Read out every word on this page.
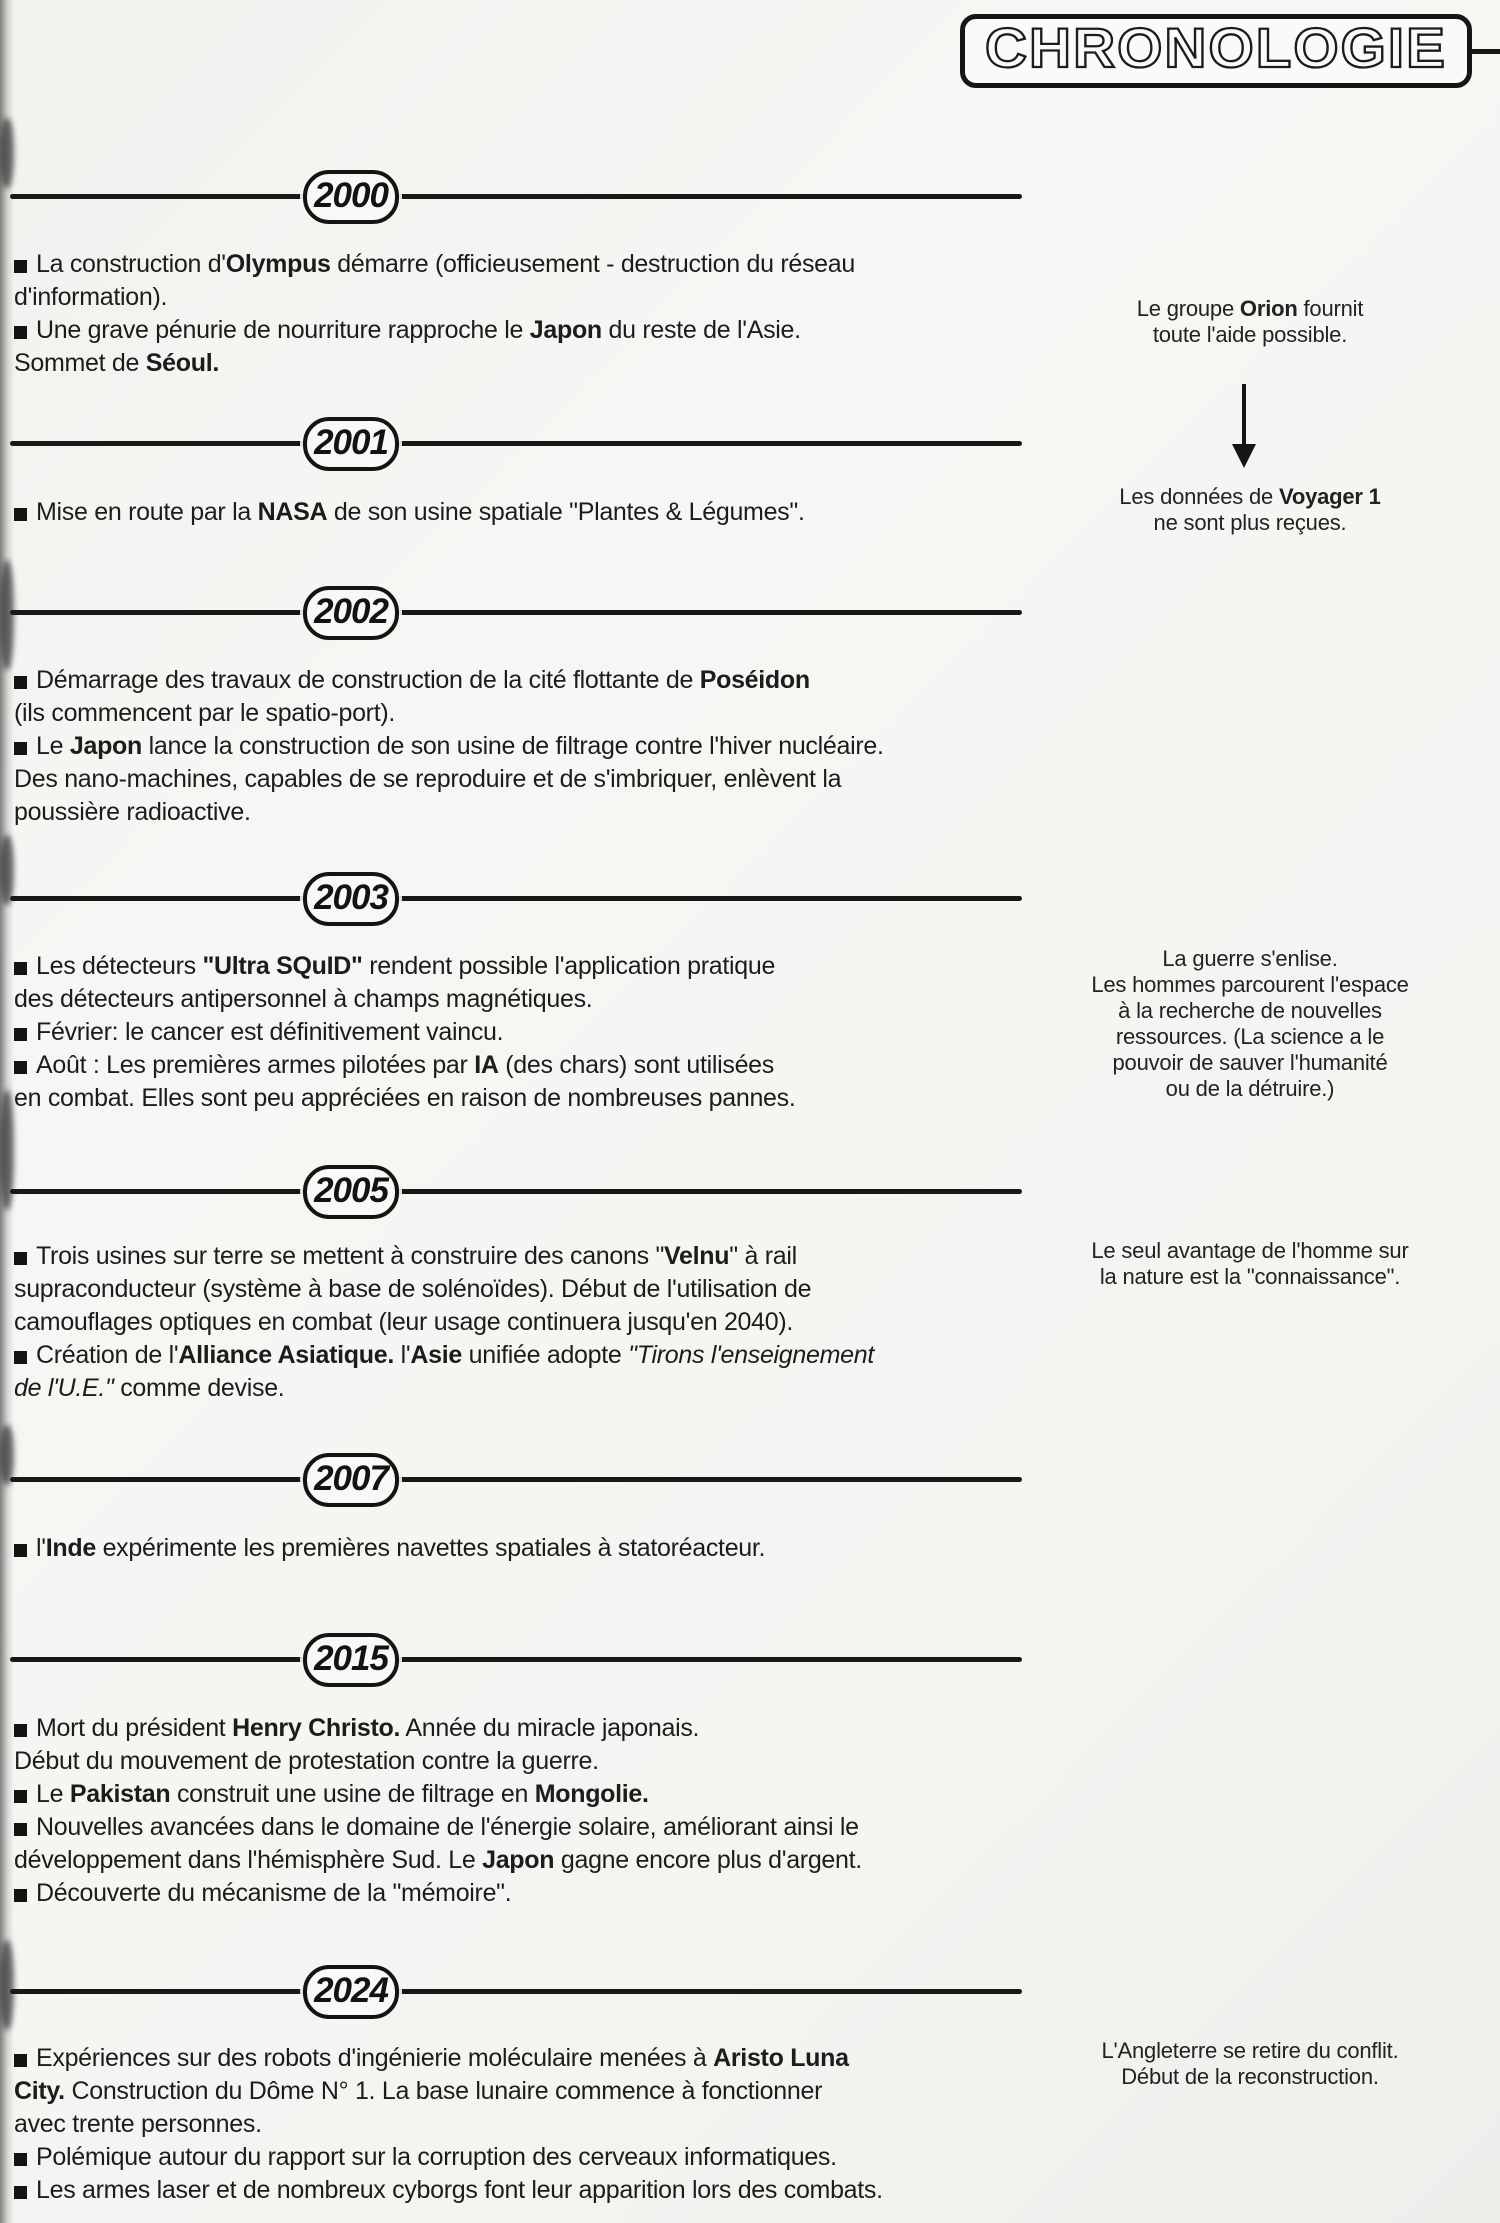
CHRONOLOGIE
2000
La construction d'Olympus démarre (officieusement - destruction du réseau
d'information).
Une grave pénurie de nourriture rapproche le Japon du reste de l'Asie.
Sommet de Séoul.
Le groupe Orion fournit
toute l'aide possible.
2001
Mise en route par la NASA de son usine spatiale "Plantes & Légumes".
Les données de Voyager 1
ne sont plus reçues.
2002
Démarrage des travaux de construction de la cité flottante de Poséidon
(ils commencent par le spatio-port).
Le Japon lance la construction de son usine de filtrage contre l'hiver nucléaire.
Des nano-machines, capables de se reproduire et de s'imbriquer, enlèvent la
poussière radioactive.
2003
Les détecteurs "Ultra SQuID" rendent possible l'application pratique
des détecteurs antipersonnel à champs magnétiques.
Février: le cancer est définitivement vaincu.
Août : Les premières armes pilotées par IA (des chars) sont utilisées
en combat. Elles sont peu appréciées en raison de nombreuses pannes.
La guerre s'enlise.
Les hommes parcourent l'espace
à la recherche de nouvelles
ressources. (La science a le
pouvoir de sauver l'humanité
ou de la détruire.)
2005
Trois usines sur terre se mettent à construire des canons "Velnu" à rail
supraconducteur (système à base de solénoïdes). Début de l'utilisation de
camouflages optiques en combat (leur usage continuera jusqu'en 2040).
Création de l'Alliance Asiatique. l'Asie unifiée adopte "Tirons l'enseignement
de l'U.E." comme devise.
Le seul avantage de l'homme sur
la nature est la "connaissance".
2007
l'Inde expérimente les premières navettes spatiales à statoréacteur.
2015
Mort du président Henry Christo. Année du miracle japonais.
Début du mouvement de protestation contre la guerre.
Le Pakistan construit une usine de filtrage en Mongolie.
Nouvelles avancées dans le domaine de l'énergie solaire, améliorant ainsi le
développement dans l'hémisphère Sud. Le Japon gagne encore plus d'argent.
Découverte du mécanisme de la "mémoire".
2024
Expériences sur des robots d'ingénierie moléculaire menées à Aristo Luna
City. Construction du Dôme N° 1. La base lunaire commence à fonctionner
avec trente personnes.
Polémique autour du rapport sur la corruption des cerveaux informatiques.
Les armes laser et de nombreux cyborgs font leur apparition lors des combats.
L'Angleterre se retire du conflit.
Début de la reconstruction.
